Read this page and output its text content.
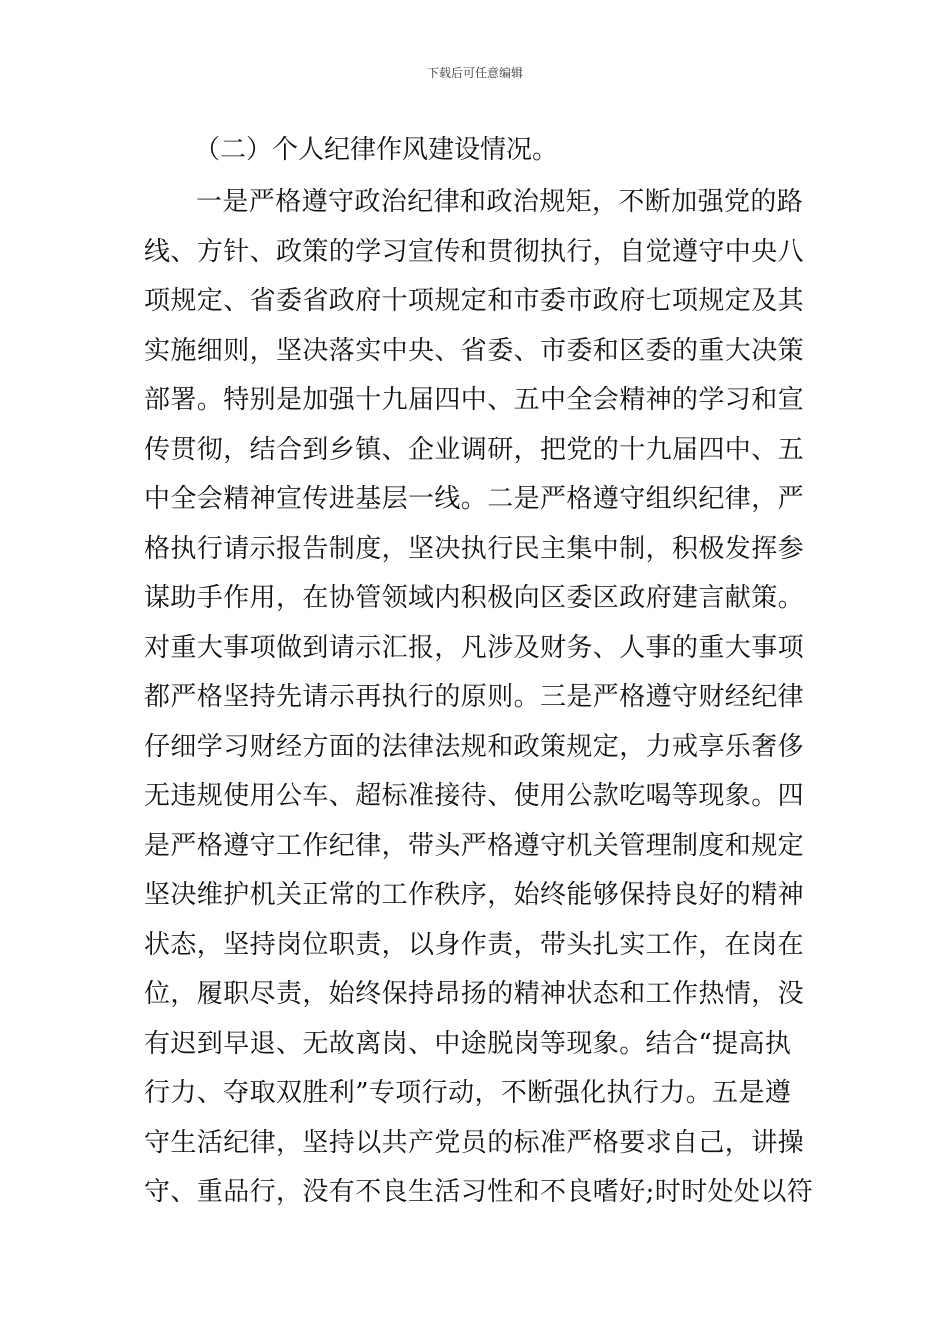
下载后可任意编辑
（二）个人纪律作风建设情况。
一是严格遵守政治纪律和政治规矩，不断加强党的路
线、方针、政策的学习宣传和贯彻执行，自觉遵守中央八
项规定、省委省政府十项规定和市委市政府七项规定及其
实施细则，坚决落实中央、省委、市委和区委的重大决策
部署。特别是加强十九届四中、五中全会精神的学习和宣
传贯彻，结合到乡镇、企业调研，把党的十九届四中、五
中全会精神宣传进基层一线。二是严格遵守组织纪律，严
格执行请示报告制度，坚决执行民主集中制，积极发挥参
谋助手作用，在协管领域内积极向区委区政府建言献策。
对重大事项做到请示汇报，凡涉及财务、人事的重大事项
都严格坚持先请示再执行的原则。三是严格遵守财经纪律
仔细学习财经方面的法律法规和政策规定，力戒享乐奢侈
无违规使用公车、超标准接待、使用公款吃喝等现象。四
是严格遵守工作纪律，带头严格遵守机关管理制度和规定
坚决维护机关正常的工作秩序，始终能够保持良好的精神
状态，坚持岗位职责，以身作责，带头扎实工作，在岗在
位，履职尽责，始终保持昂扬的精神状态和工作热情，没
有迟到早退、无故离岗、中途脱岗等现象。结合“提高执
行力、夺取双胜利”专项行动，不断强化执行力。五是遵
守生活纪律，坚持以共产党员的标准严格要求自己，讲操
守、重品行，没有不良生活习性和不良嗜好;时时处处以符
